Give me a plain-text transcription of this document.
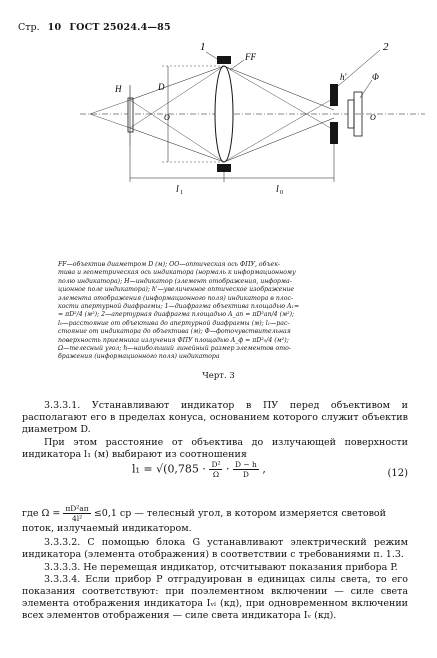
Стр. 10 ГОСТ 25024.4—85
1
FF
2
H	D
O
h'	Φ
O
l 1	l 0

FF—объектив диаметром D (м); OO—оптическая ось ФПУ, объек-

тива и геометрическая ось индикатора (нормаль к информационному

полю индикатора); H—индикатор (элемент отображения, информа-

ционное поле индикатора); h'—увеличенное оптическое изображение

элемента отображения (информационного поля) индикатора в плос-

кости апертурной диафрагмы; 1—диафрагма объектива площадью A₁=

= πD²/4 (м²); 2—апертурная диафрагма площадью A_ап = πD²ап/4 (м²);

l₀—расстояние от объектива до апертурной диафрагмы (м); l₁—рас-

стояние от индикатора до объектива (м); Ф—фоточувствительная

поверхность приемника излучения ФПУ площадью A_ф = πD²₀/4 (м²);

Ω—телесный угол; h—наибольший линейный размер элементов ото-

бражения (информационного поля) индикатора

Черт. 3

3.3.3.1. Устанавливают индикатор в ПУ перед объективом и располагают его в пределах конуса, основанием которого служит объектив диаметром D.

При этом расстояние от объектива до излучающей поверхности индикатора l₁ (м) выбирают из соотношения

$l_1 = √(0,785 \cdot \frac{\text{D²}}{\Omega} \cdot \frac{D - h}{D}$ ,	(12)
где $\Omega = \frac{\text{πD²ап}}{\text{4l²}} \le 0,1$ ср — телесный угол, в котором измеряется световой поток, излучаемый индикатором.

3.3.3.2. С помощью блока G устанавливают электрический режим индикатора (элемента отображения) в соответствии с требованиями п. 1.3.

3.3.3.3. Не перемещая индикатор, отсчитывают показания прибора P.

3.3.3.4. Если прибор P отградуирован в единицах силы света, то его показания соответствуют: при поэлементном включении — силе света элемента отображения индикатора Iᵥₗ (кд), при одновременном включении всех элементов отображения — силе света индикатора Iᵥ (кд).
